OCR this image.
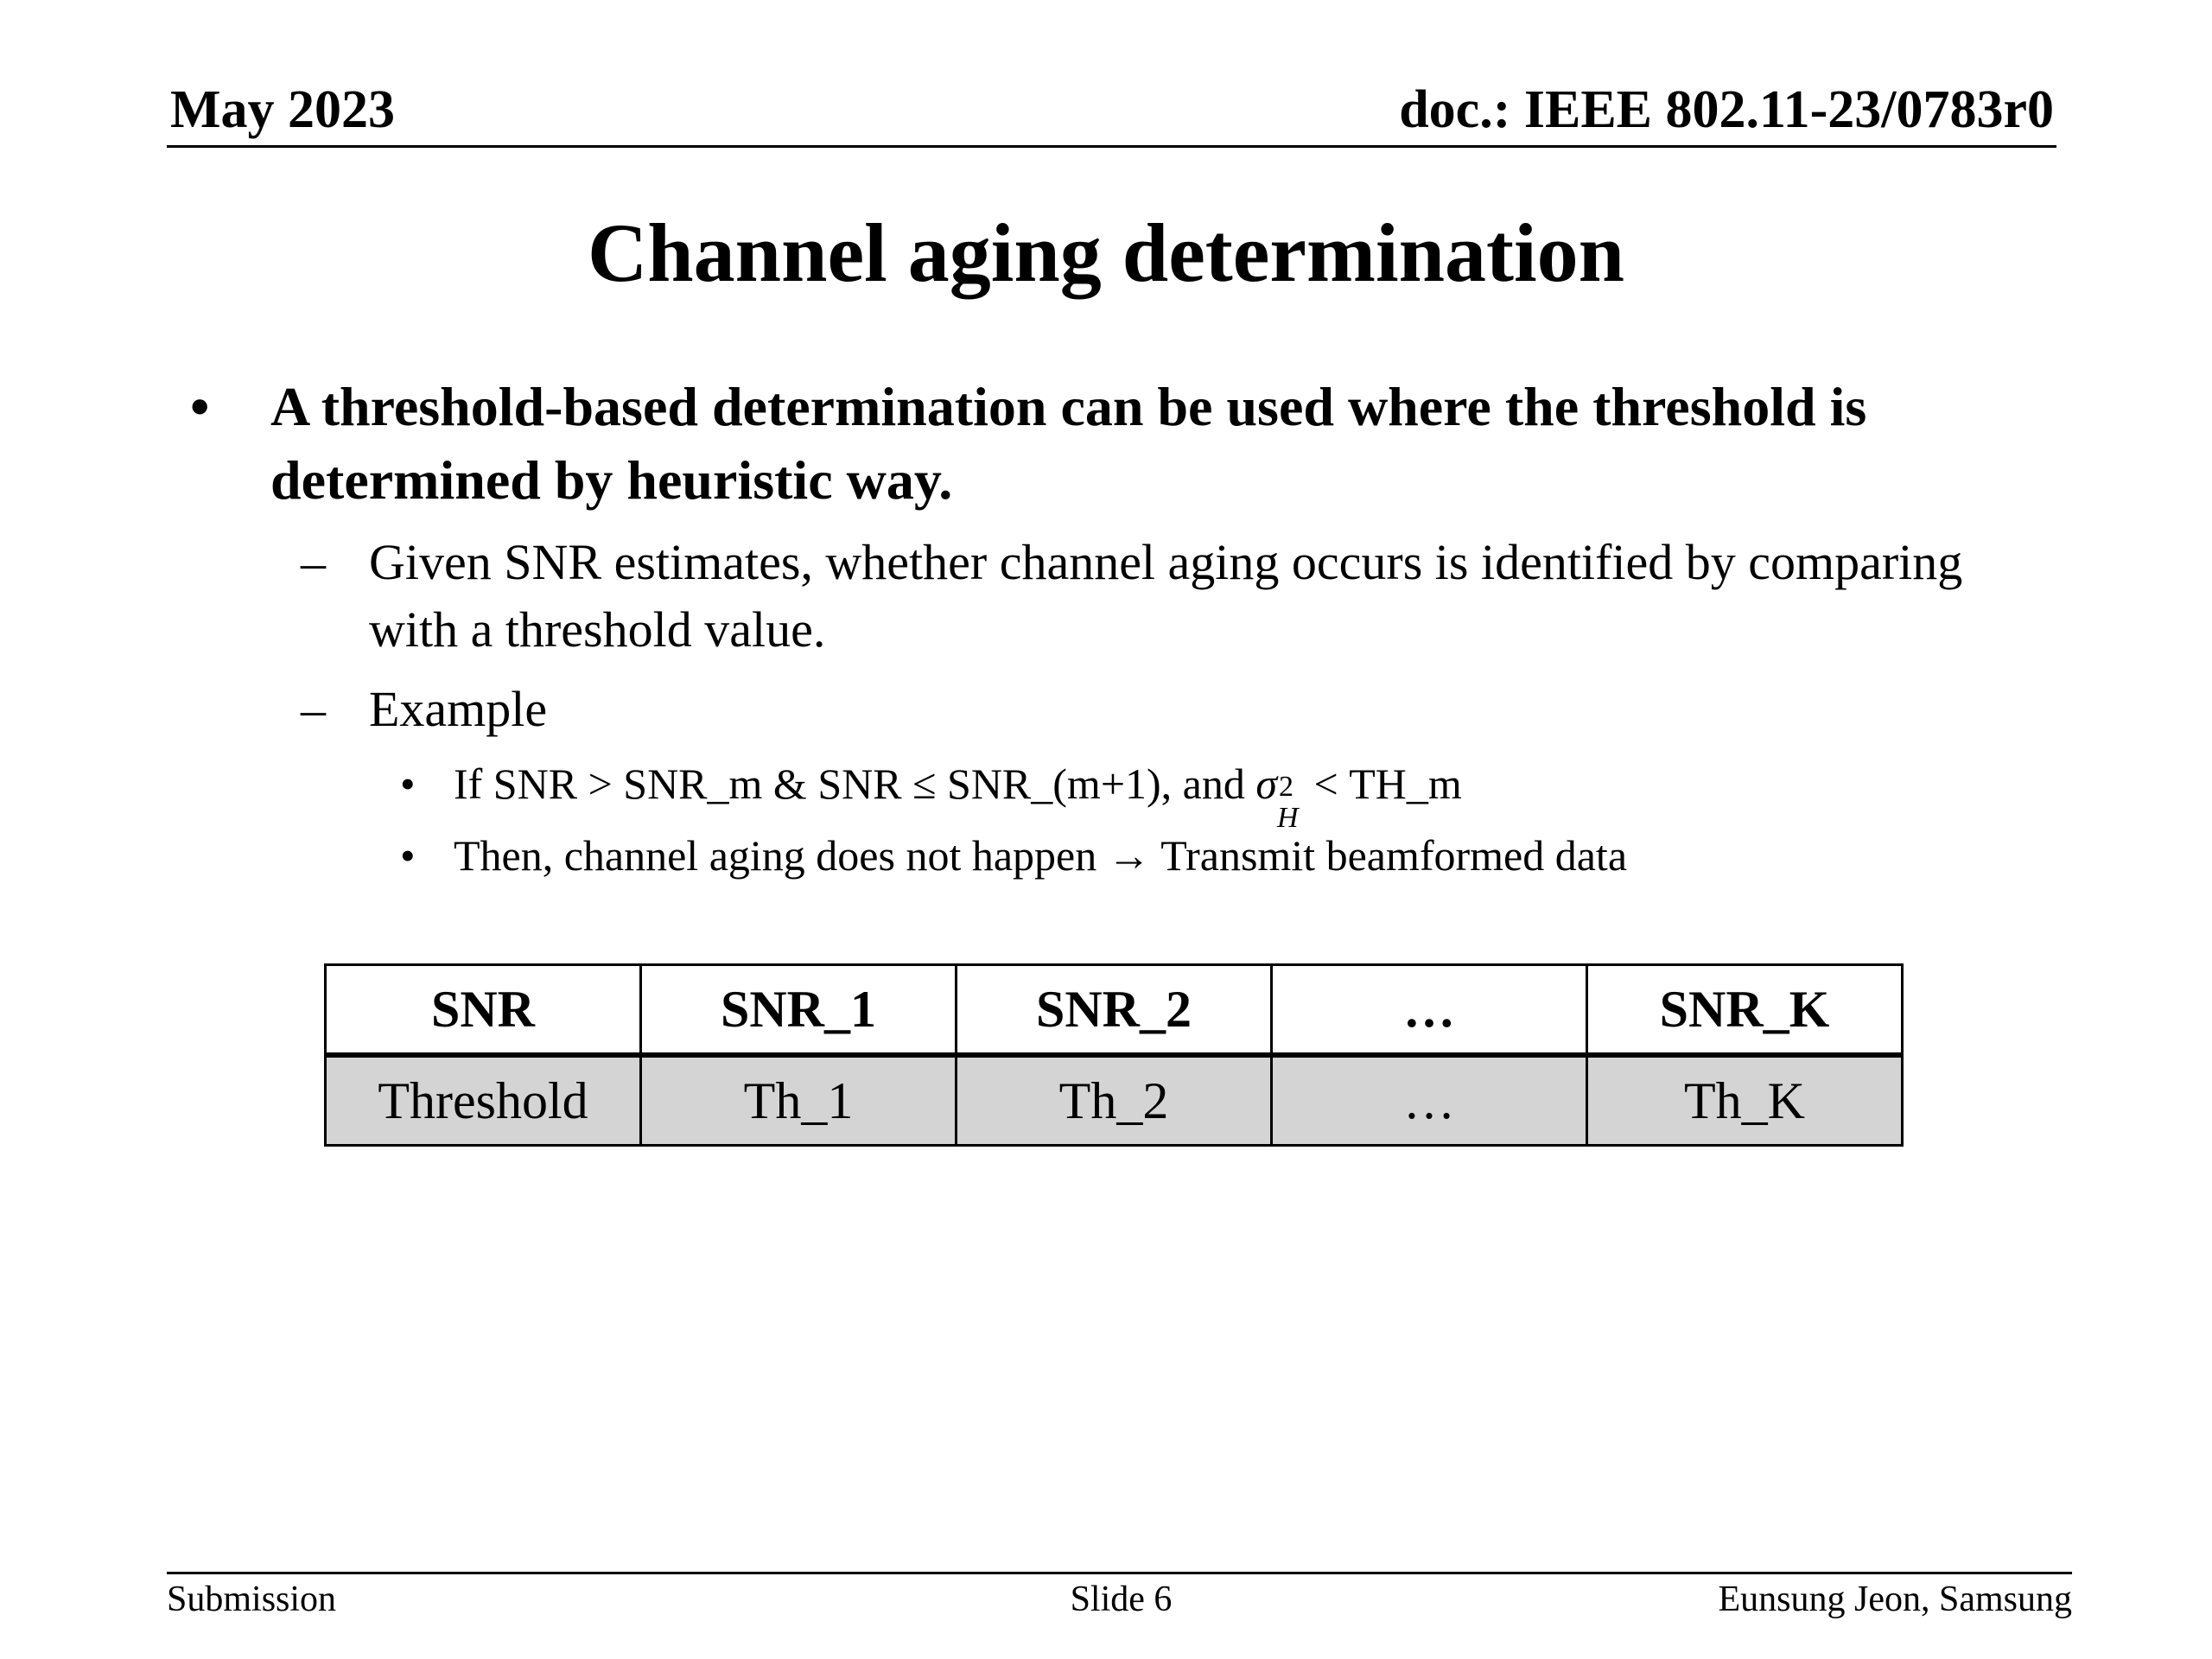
May 2023	doc.: IEEE 802.11-23/0783r0
Channel aging determination
• A threshold-based determination can be used where the threshold is determined by heuristic way.
– Given SNR estimates, whether channel aging occurs is identified by comparing with a threshold value.
– Example
• If SNR > SNR_m & SNR ≤ SNR_(m+1), and σ 2
H
< TH_m
• Then, channel aging does not happen → Transmit beamformed data
SNR	SNR_1	SNR_2	…	SNR_K
Threshold	Th_1	Th_2	…	Th_K
Submission	Slide 6	Eunsung Jeon, Samsung
